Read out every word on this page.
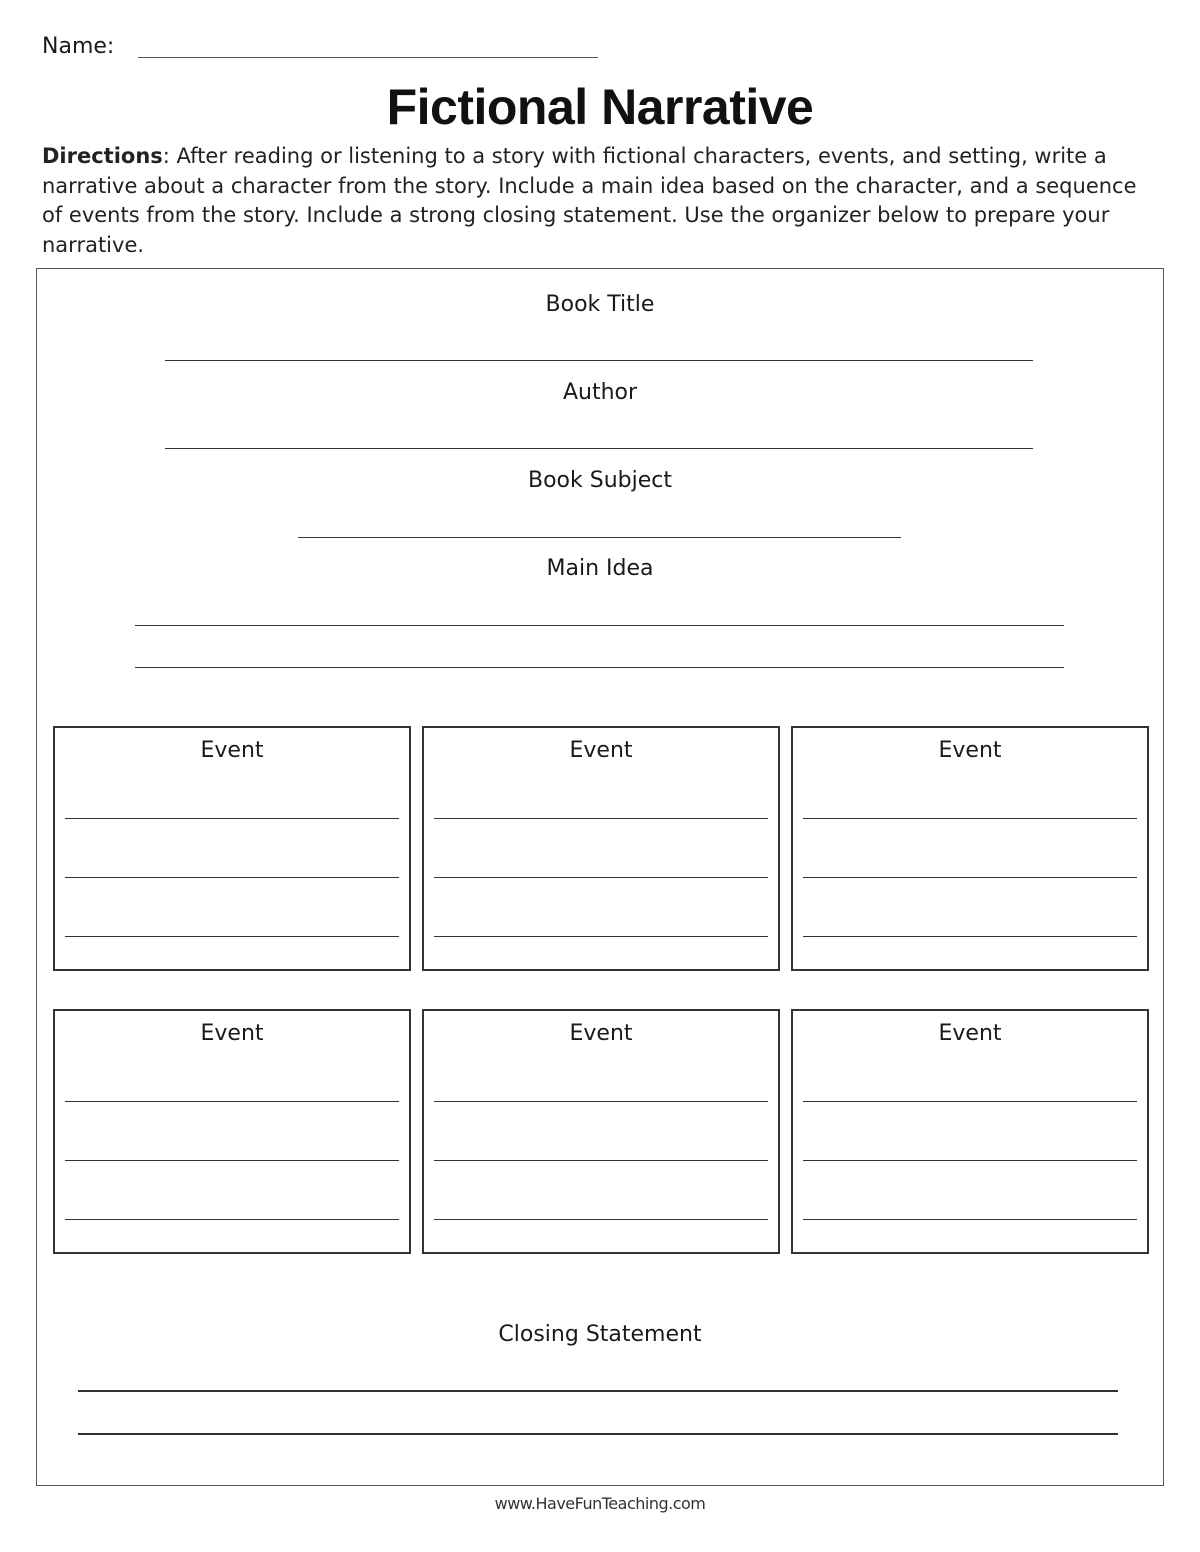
Name:
Fictional Narrative
Directions: After reading or listening to a story with fictional characters, events, and setting, write a narrative about a character from the story. Include a main idea based on the character, and a sequence of events from the story. Include a strong closing statement. Use the organizer below to prepare your narrative.
Book Title
Author
Book Subject
Main Idea
Event	Event	Event
Event	Event	Event
Closing Statement
www.HaveFunTeaching.com
